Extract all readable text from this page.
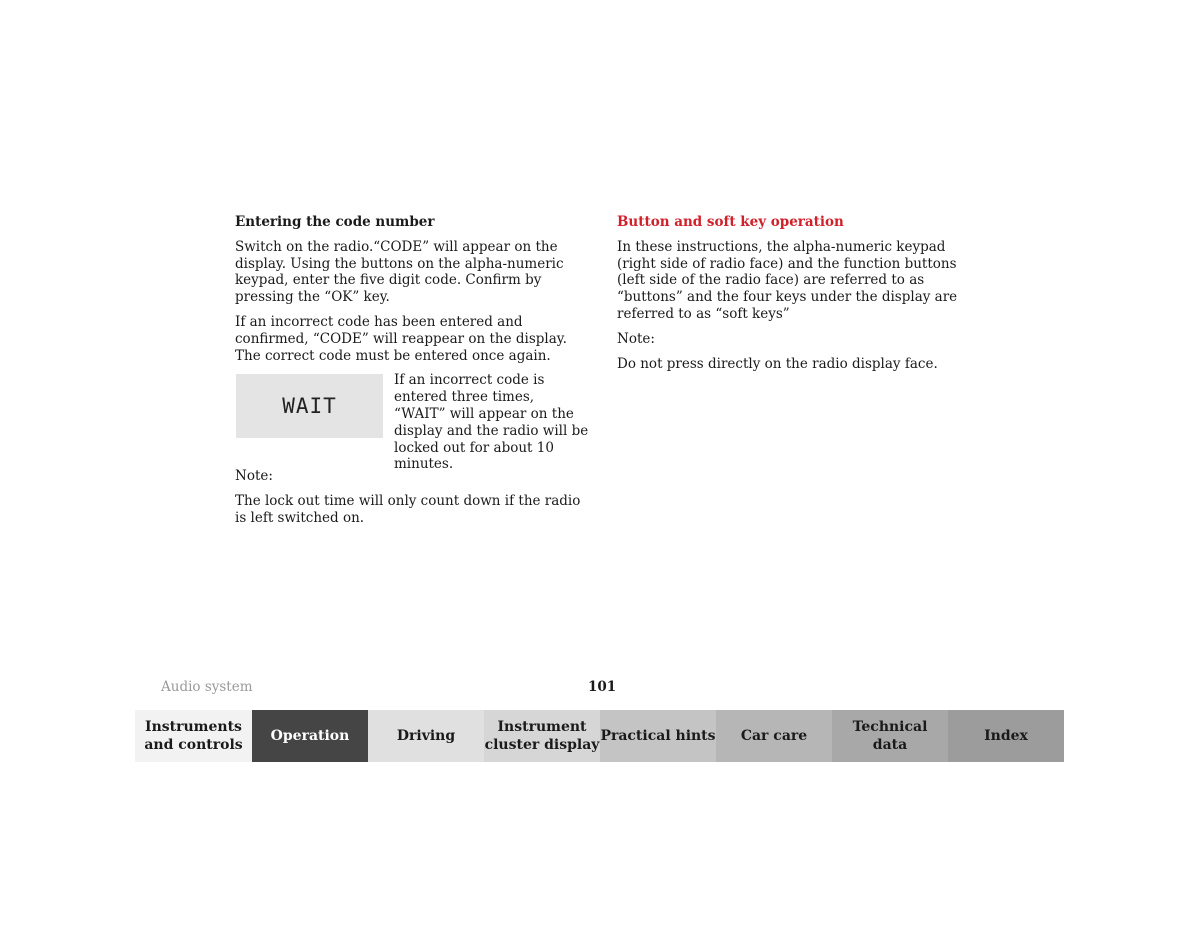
Entering the code number

Switch on the radio.“CODE” will appear on the display. Using the buttons on the alpha-numeric keypad, enter the five digit code. Confirm by pressing the “OK” key.

If an incorrect code has been entered and confirmed, “CODE” will reappear on the display. The correct code must be entered once again.

WAIT
If an incorrect code is entered three times, “WAIT” will appear on the display and the radio will be locked out for about 10 minutes.

Note:

The lock out time will only count down if the radio is left switched on.

Button and soft key operation

In these instructions, the alpha-numeric keypad (right side of radio face) and the function buttons (left side of the radio face) are referred to as “buttons” and the four keys under the display are referred to as “soft keys”

Note:

Do not press directly on the radio display face.

Audio system	101
Instruments
and controls
Operation	Driving
Instrument
cluster display
Practical hints	Car care
Technical
data
Index
